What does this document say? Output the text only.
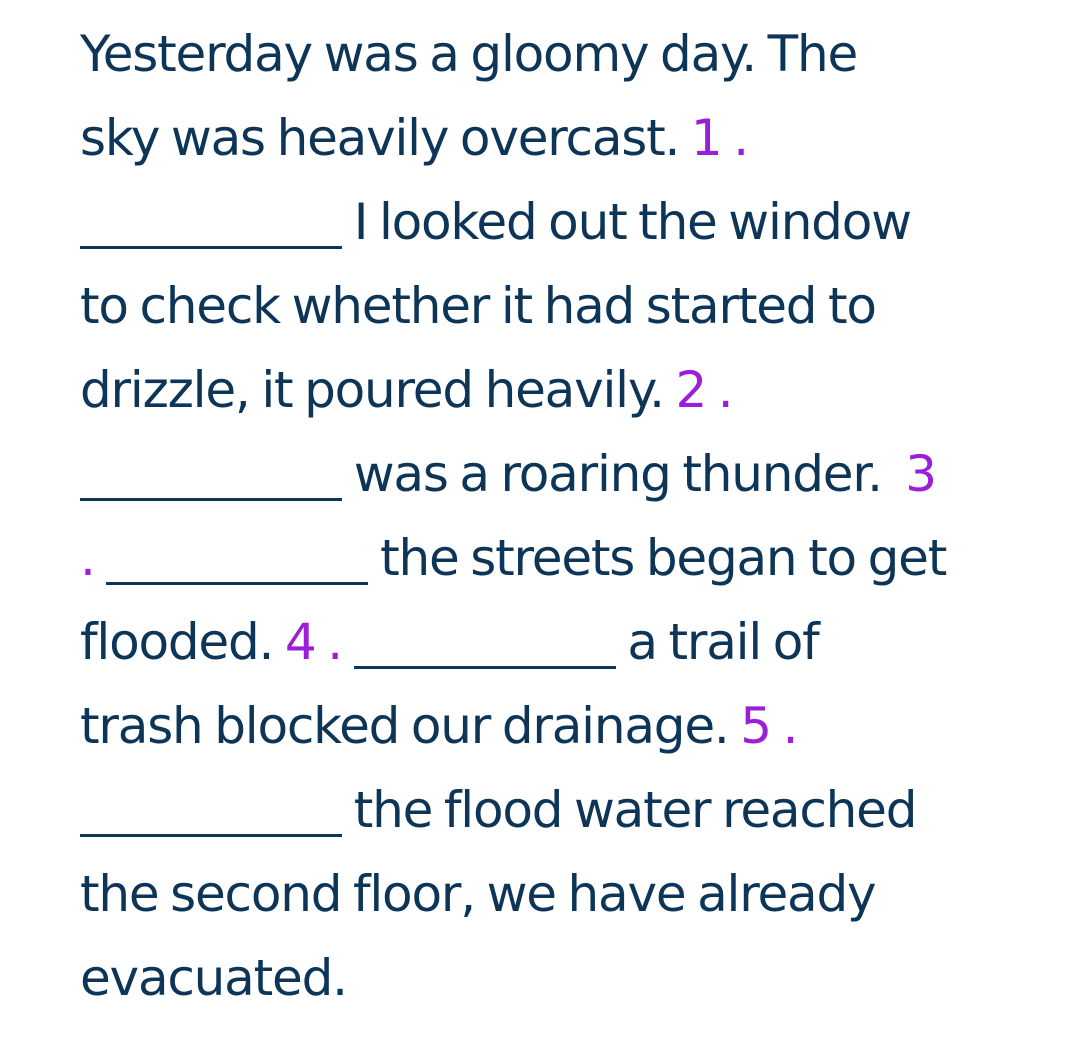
Yesterday was a gloomy day. The
sky was heavily overcast. 1 .
I looked out the window
to check whether it had started to
drizzle, it poured heavily. 2 .
was a roaring thunder. 3
.	the streets began to get
flooded. 4 .	a trail of
trash blocked our drainage. 5 .
the flood water reached
the second floor, we have already
evacuated.
